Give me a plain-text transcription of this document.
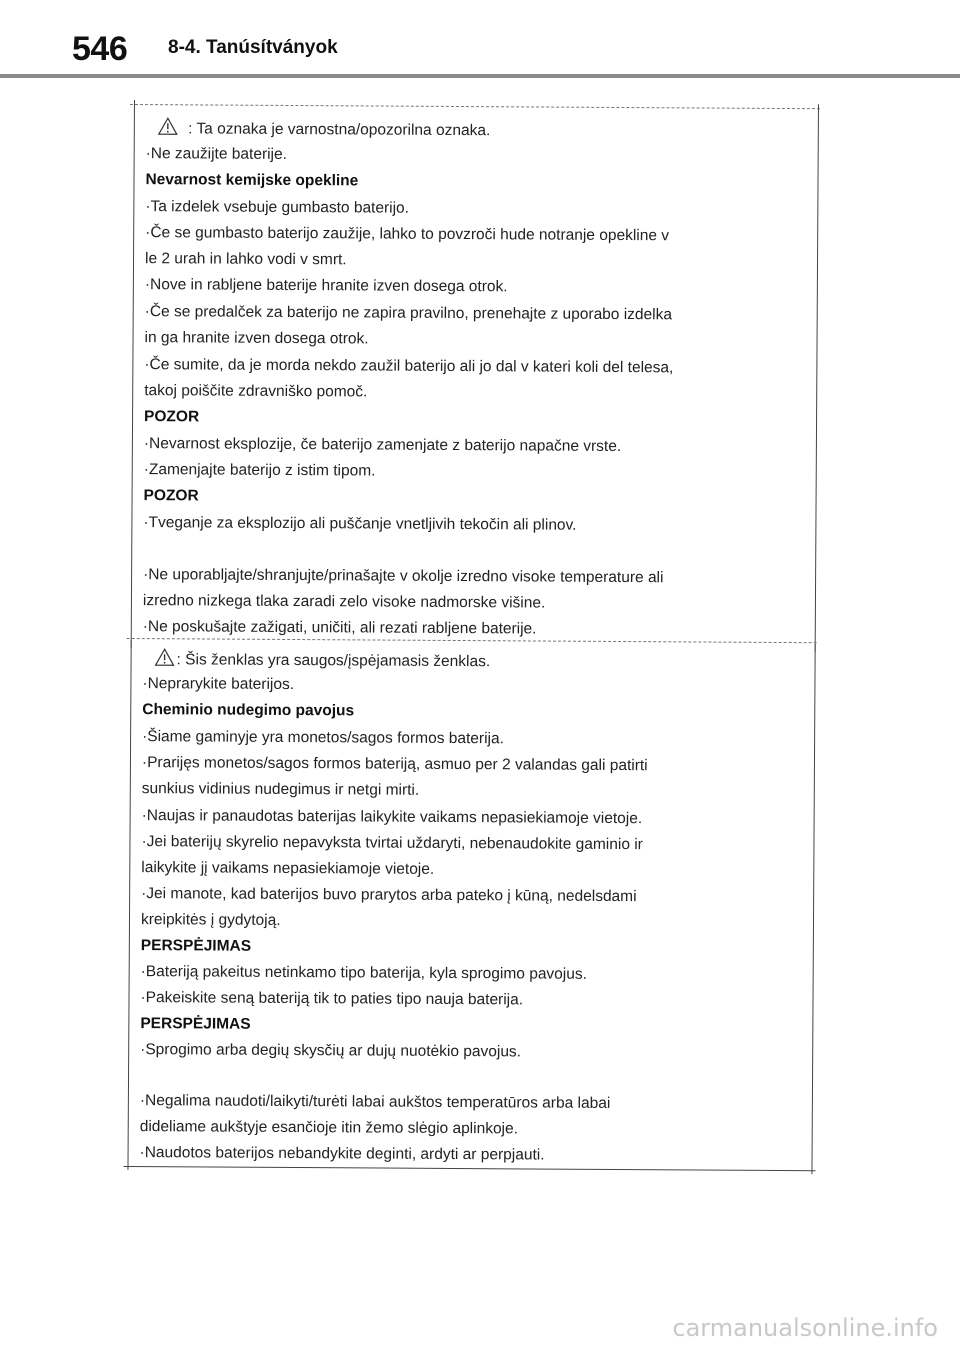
546 8-4. Tanúsítványok
: Ta oznaka je varnostna/opozorilna oznaka.
·Ne zaužijte baterije.
Nevarnost kemijske opekline
·Ta izdelek vsebuje gumbasto baterijo.
·Če se gumbasto baterijo zaužije, lahko to povzroči hude notranje opekline v
le 2 urah in lahko vodi v smrt.
·Nove in rabljene baterije hranite izven dosega otrok.
·Če se predalček za baterijo ne zapira pravilno, prenehajte z uporabo izdelka
in ga hranite izven dosega otrok.
·Če sumite, da je morda nekdo zaužil baterijo ali jo dal v kateri koli del telesa,
takoj poiščite zdravniško pomoč.
POZOR
·Nevarnost eksplozije, če baterijo zamenjate z baterijo napačne vrste.
·Zamenjajte baterijo z istim tipom.
POZOR
·Tveganje za eksplozijo ali puščanje vnetljivih tekočin ali plinov.
·Ne uporabljajte/shranjujte/prinašajte v okolje izredno visoke temperature ali
izredno nizkega tlaka zaradi zelo visoke nadmorske višine.
·Ne poskušajte zažigati, uničiti, ali rezati rabljene baterije.
: Šis ženklas yra saugos/įspėjamasis ženklas.
·Neprarykite baterijos.
Cheminio nudegimo pavojus
·Šiame gaminyje yra monetos/sagos formos baterija.
·Prarijęs monetos/sagos formos bateriją, asmuo per 2 valandas gali patirti
sunkius vidinius nudegimus ir netgi mirti.
·Naujas ir panaudotas baterijas laikykite vaikams nepasiekiamoje vietoje.
·Jei baterijų skyrelio nepavyksta tvirtai uždaryti, nebenaudokite gaminio ir
laikykite jį vaikams nepasiekiamoje vietoje.
·Jei manote, kad baterijos buvo prarytos arba pateko į kūną, nedelsdami
kreipkitės į gydytoją.
PERSPĖJIMAS
·Bateriją pakeitus netinkamo tipo baterija, kyla sprogimo pavojus.
·Pakeiskite seną bateriją tik to paties tipo nauja baterija.
PERSPĖJIMAS
·Sprogimo arba degių skysčių ar dujų nuotėkio pavojus.
·Negalima naudoti/laikyti/turėti labai aukštos temperatūros arba labai
dideliame aukštyje esančioje itin žemo slėgio aplinkoje.
·Naudotos baterijos nebandykite deginti, ardyti ar perpjauti.
carmanualsonline.info
